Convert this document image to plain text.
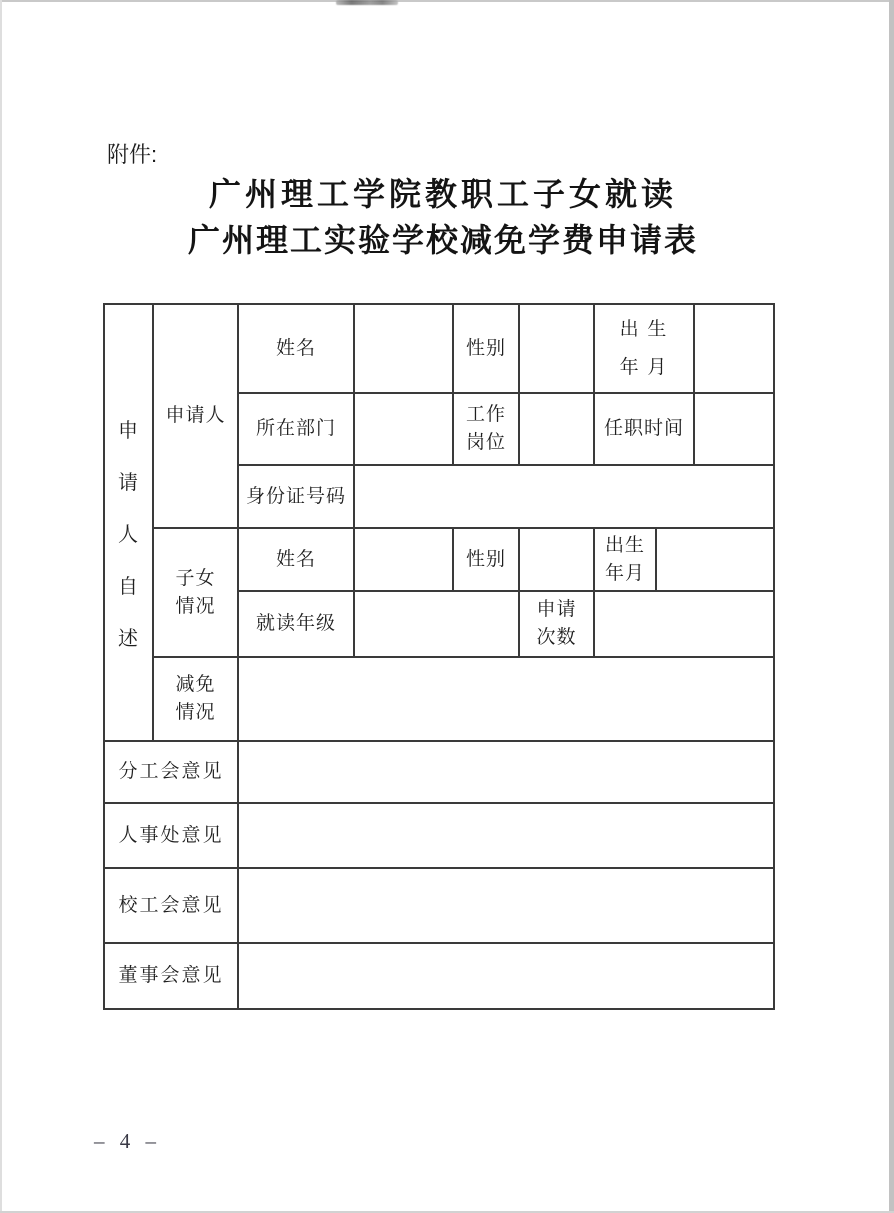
附件:
广州理工学院教职工子女就读
广州理工实验学校减免学费申请表
申
请
人
自
述
申请人
姓名	性别
出 生
年 月
所在部门
工作
岗位
任职时间
身份证号码
子女
情况
姓名	性别
出生
年月
就读年级
申请
次数
减免
情况
分工会意见
人事处意见
校工会意见
董事会意见
– 4 –
